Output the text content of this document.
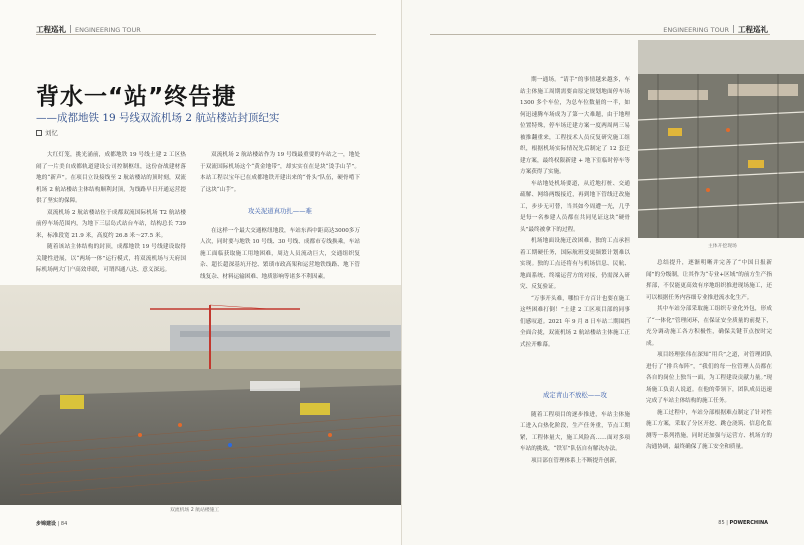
工程巡礼 ENGINEERING TOUR
背水一“站”终告捷
——成都地铁 19 号线双流机场 2 航站楼站封顶纪实
刘忆

大红灯笼，挑光涌前，成都地铁 19 号线土建 2 工区热闹了一片美自成都轨道建设公司控制枢纽，这份奋战建材落地的“新声”。在项目立设接线至 2 航站楼站的顶时刻，双流机场 2 航站楼站主体结构顺利封顶，为线路早日开通运营提供了坚实的保障。

双流机场 2 航站楼站位于成都双流国际机场 T2 航站楼前停车场范围内，为地下三层岛式站台车站，结构总长 739 米，标准段宽 21.9 米，高度约 26.8 米～27.5 米。

随着该站主体结构的封顶，成都地铁 19 号线建设取得关键性进展，以“两场一体”运行模式，将双流机场与天府国际机场两大门户高效串联，可谓四通八达、意义深远。

双流机场 2 航站楼站作为 19 号线最重要的车站之一，地处于双流国际机场这个“黄金地带”，却实实在在是块“烫手山芋”。本站工程以宝年已在成都地铁开建出来的“骨头”队伍，硬骨啃下了这块“山芋”。

攻关泥道真功扎——难

在这样一个最大交通枢纽地段，车站东西中距高达3000多万人次，同时要与地铁 10 号线、30 号线、成都市专线换乘，车站施工面临获取施工用地困难，周边人员流动巨大，交通组织复杂、超长超深基坑开挖、繁琐市政高架和运营地铁线路、地下管线复杂、材料运输困难、地质影响等诸多不利因素。

双流机场 2 航站楼施工
步锦建设 | 84
ENGINEERING TOUR 工程巡礼

期一通场。“请手”的事情越来越多，车站主体施工周期需要由原定规划地面停车场 1300 多个车位，为总车位数量的一半，如何迅速腾车场成为了第一大难题，由于地理位置特殊，停车场迁建方案一度两周两三易被推翻重来，工程技术人员反复研究施工组织，根据机场实际情况先后制定了 12 套迁建方案，最终权限新建 + 地下室临时停车等方案获得了实施。

车站地处机场要道，从近地打桩、交通疏解、网络两级接近，再到地下管线迁改施工，步步无可替，当其如今周遭一光，几乎是每一名参建人员都在共同见证这块“硬骨头”最终被拿下的过程。

机场地面设施迁改困难，独的工点承担着工期硬任务，国际航班变更频繁计划难以实现。独的工点还将有与机场信息、民航、地面系统、终端运营方的对接，仍需深入研究、反复验证。

“万事开头难，哪怕千方百计也要在施工这些困难打倒！”土建 2 工区项目部的同事们感叹道。2021 年 9 月 8 日车站二期围挡全面合拢，双流机场 2 航站楼站主体施工正式拉开帷幕。

成定青山不放松——攻

随着工程项目的逐步推进，车站主体施工进入白热化阶段，生产任务重，节点工期紧，工程体量大，施工风险高……面对多项车站的挑战，“铁军”队伍自有解决办法。

项目部在管理体系上不断提升创新，

主体开挖现场

总结提升，逐渐明晰并完善了“中国日报新闻”的分级制，让其作为“专业+区域”的前方生产指挥部，不仅能更高效有序地组织推进现场施工，还可以根据任务内容细专业推进流水化生产。

其中车站分部采取施工组织专业化外包，形成了“一体化”管理闭环，在保证安全质量的前提下，充分调动施工各方积极性，确保关键节点按时完成。

项目经理张伟在深知“用兵”之道，对管理团队进行了“排兵布阵”，“我们的每一位管理人员都在各自的岗位上独当一面，为工程建设贡献力量。”现场施工负责人说道。在他的带领下，团队成员迅速完成了车站主体结构的施工任务。

施工过程中，车站分部根据难点制定了针对性施工方案，采取了分区开挖、跳仓浇筑、信息化监测等一系列措施，同时还加强与运营方、机场方的沟通协调，最终确保了施工安全和质量。

85 | POWERCHINA
